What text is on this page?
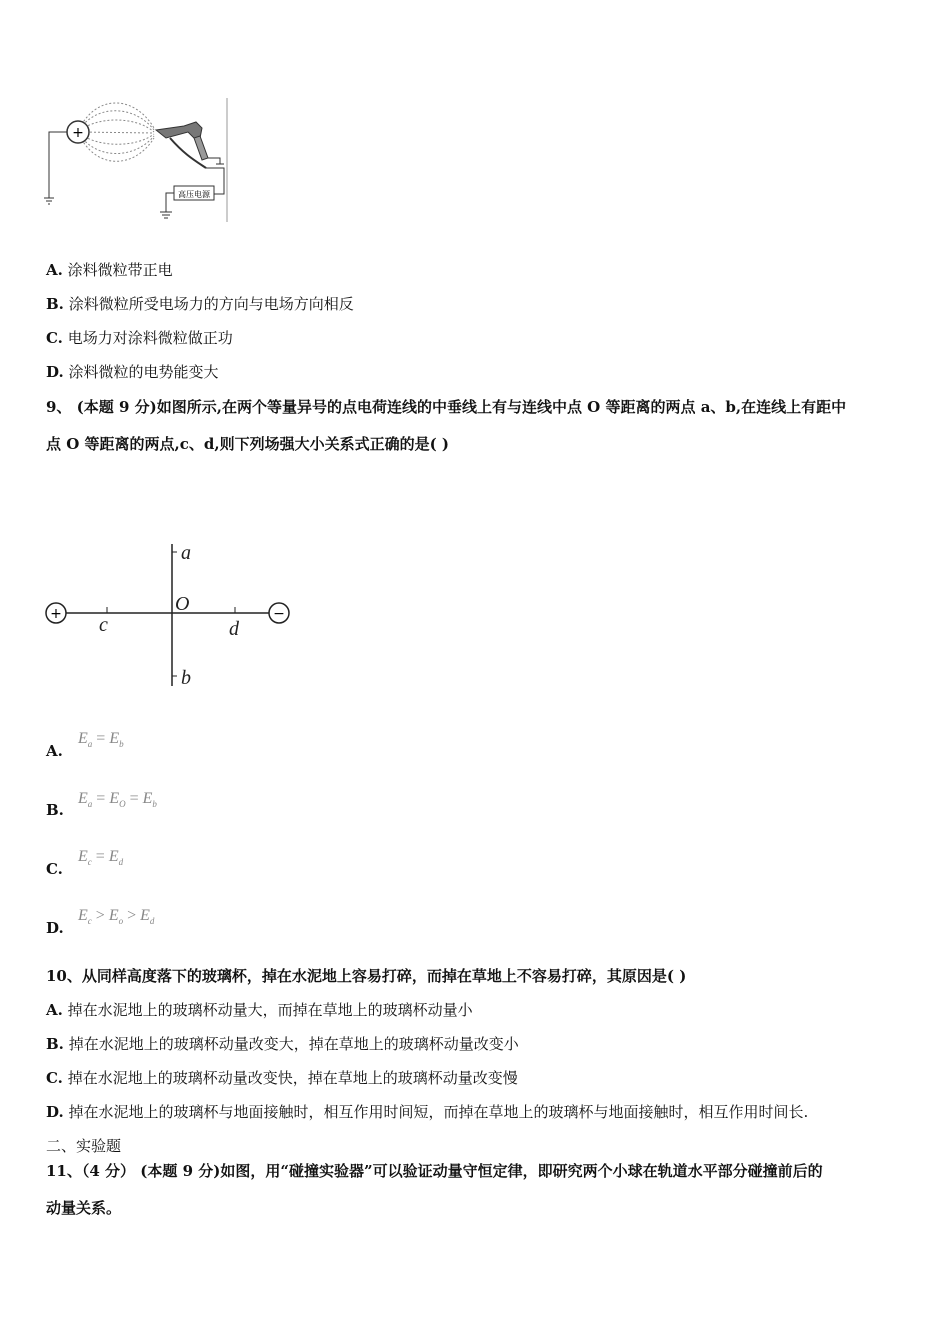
+
高压电源
A. 涂料微粒带正电
B. 涂料微粒所受电场力的方向与电场方向相反
C. 电场力对涂料微粒做正功
D. 涂料微粒的电势能变大
9、 (本题 9 分)如图所示,在两个等量异号的点电荷连线的中垂线上有与连线中点 O 等距离的两点 a、b,在连线上有距中
点 O 等距离的两点,c、d,则下列场强大小关系式正确的是( )
+	−
a
b
c	d
O
A.
$E_a = E_b$
B.
$E_a = E_O = E_b$
C.
$E_c = E_d$
D.
$E_c > E_o > E_d$
10、从同样高度落下的玻璃杯，掉在水泥地上容易打碎，而掉在草地上不容易打碎，其原因是( )
A. 掉在水泥地上的玻璃杯动量大，而掉在草地上的玻璃杯动量小
B. 掉在水泥地上的玻璃杯动量改变大，掉在草地上的玻璃杯动量改变小
C. 掉在水泥地上的玻璃杯动量改变快，掉在草地上的玻璃杯动量改变慢
D. 掉在水泥地上的玻璃杯与地面接触时，相互作用时间短，而掉在草地上的玻璃杯与地面接触时，相互作用时间长.
二、实验题
11、（4 分） (本题 9 分)如图，用“碰撞实验器”可以验证动量守恒定律，即研究两个小球在轨道水平部分碰撞前后的
动量关系。
